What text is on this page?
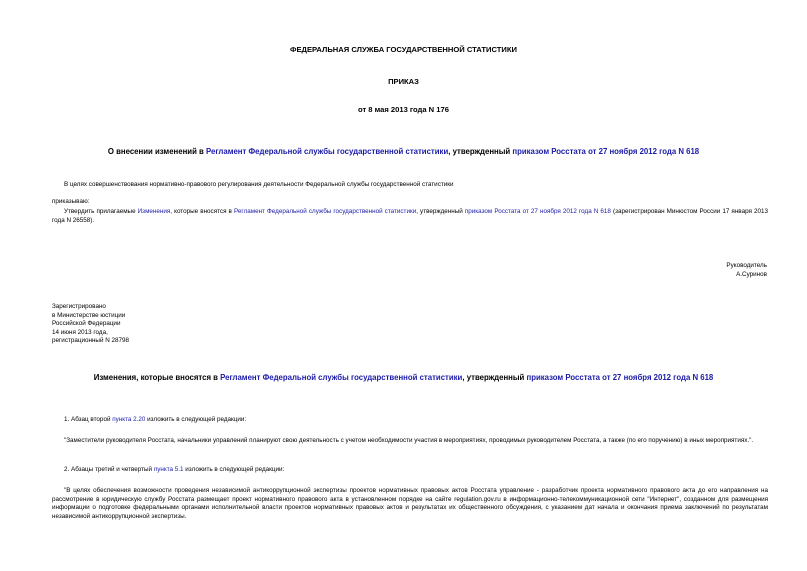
ФЕДЕРАЛЬНАЯ СЛУЖБА ГОСУДАРСТВЕННОЙ СТАТИСТИКИ
ПРИКАЗ
от 8 мая 2013 года N 176
О внесении изменений в Регламент Федеральной службы государственной статистики, утвержденный приказом Росстата от 27 ноября 2012 года N 618
В целях совершенствования нормативно-правового регулирования деятельности Федеральной службы государственной статистики
приказываю:
Утвердить прилагаемые Изменения, которые вносятся в Регламент Федеральной службы государственной статистики, утвержденный приказом Росстата от 27 ноября 2012 года N 618 (зарегистрирован Минюстом России 17 января 2013 года N 26558).
Руководитель
А.Суринов
Зарегистрировано
в Министерстве юстиции
Российской Федерации
14 июня 2013 года,
регистрационный N 28798
Изменения, которые вносятся в Регламент Федеральной службы государственной статистики, утвержденный приказом Росстата от 27 ноября 2012 года N 618
1. Абзац второй пункта 2.20 изложить в следующей редакции:
"Заместители руководителя Росстата, начальники управлений планируют свою деятельность с учетом необходимости участия в мероприятиях, проводимых руководителем Росстата, а также (по его поручению) в иных мероприятиях.".
2. Абзацы третий и четвертый пункта 5.1 изложить в следующей редакции:
"В целях обеспечения возможности проведения независимой антикоррупционной экспертизы проектов нормативных правовых актов Росстата управление - разработчик проекта нормативного правового акта до его направления на рассмотрение в юридическую службу Росстата размещает проект нормативного правового акта в установленном порядке на сайте regulation.gov.ru в информационно-телекоммуникационной сети "Интернет", созданном для размещения информации о подготовке федеральными органами исполнительной власти проектов нормативных правовых актов и результатах их общественного обсуждения, с указанием дат начала и окончания приема заключений по результатам независимой антикоррупционной экспертизы.
